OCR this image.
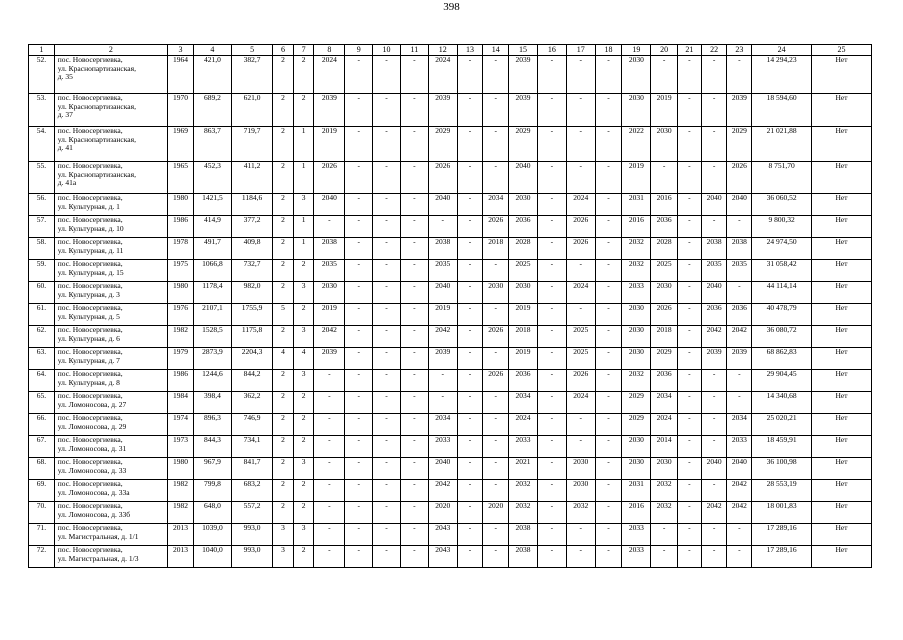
398
1	2	3	4	5	6	7	8	9	10	11	12	13	14	15	16	17	18	19	20	21	22	23	24	25
52.	пос. Новосергиевка,
ул. Краснопартизанская,
д. 35	1964	421,0	382,7	2	2	2024	-	-	-	2024	-	-	2039	-	-	-	2030	-	-	-	-	14 294,23	Нет
53.	пос. Новосергиевка,
ул. Краснопартизанская,
д. 37	1970	689,2	621,0	2	2	2039	-	-	-	2039	-	-	2039	-	-	-	2030	2019	-	-	2039	18 594,60	Нет
54.	пос. Новосергиевка,
ул. Краснопартизанская,
д. 41	1969	863,7	719,7	2	1	2019	-	-	-	2029	-	-	2029	-	-	-	2022	2030	-	-	2029	21 021,88	Нет
55.	пос. Новосергиевка,
ул. Краснопартизанская,
д. 41а	1965	452,3	411,2	2	1	2026	-	-	-	2026	-	-	2040	-	-	-	2019	-	-	-	2026	8 751,70	Нет
56.	пос. Новосергиевка,
ул. Культурная, д. 1	1980	1421,5	1184,6	2	3	2040	-	-	-	2040	-	2034	2030	-	2024	-	2031	2016	-	2040	2040	36 060,52	Нет
57.	пос. Новосергиевка,
ул. Культурная, д. 10	1986	414,9	377,2	2	1	-	-	-	-	-	-	2026	2036	-	2026	-	2016	2036	-	-	-	9 800,32	Нет
58.	пос. Новосергиевка,
ул. Культурная, д. 11	1978	491,7	409,8	2	1	2038	-	-	-	2038	-	2018	2028	-	2026	-	2032	2028	-	2038	2038	24 974,50	Нет
59.	пос. Новосергиевка,
ул. Культурная, д. 15	1975	1066,8	732,7	2	2	2035	-	-	-	2035	-	-	2025	-	-	-	2032	2025	-	2035	2035	31 058,42	Нет
60.	пос. Новосергиевка,
ул. Культурная, д. 3	1980	1178,4	982,0	2	3	2030	-	-	-	2040	-	2030	2030	-	2024	-	2033	2030	-	2040	-	44 114,14	Нет
61.	пос. Новосергиевка,
ул. Культурная, д. 5	1976	2107,1	1755,9	5	2	2019	-	-	-	2019	-	-	2019	-	-	-	2030	2026	-	2036	2036	40 478,79	Нет
62.	пос. Новосергиевка,
ул. Культурная, д. 6	1982	1528,5	1175,8	2	3	2042	-	-	-	2042	-	2026	2018	-	2025	-	2030	2018	-	2042	2042	36 080,72	Нет
63.	пос. Новосергиевка,
ул. Культурная, д. 7	1979	2873,9	2204,3	4	4	2039	-	-	-	2039	-	-	2019	-	2025	-	2030	2029	-	2039	2039	68 862,83	Нет
64.	пос. Новосергиевка,
ул. Культурная, д. 8	1986	1244,6	844,2	2	3	-	-	-	-	-	-	2026	2036	-	2026	-	2032	2036	-	-	-	29 904,45	Нет
65.	пос. Новосергиевка,
ул. Ломоносова, д. 27	1984	398,4	362,2	2	2	-	-	-	-	-	-	-	2034	-	2024	-	2029	2034	-	-	-	14 340,68	Нет
66.	пос. Новосергиевка,
ул. Ломоносова, д. 29	1974	896,3	746,9	2	2	-	-	-	-	2034	-	-	2024	-	-	-	2029	2024	-	-	2034	25 020,21	Нет
67.	пос. Новосергиевка,
ул. Ломоносова, д. 31	1973	844,3	734,1	2	2	-	-	-	-	2033	-	-	2033	-	-	-	2030	2014	-	-	2033	18 459,91	Нет
68.	пос. Новосергиевка,
ул. Ломоносова, д. 33	1980	967,9	841,7	2	3	-	-	-	-	2040	-	-	2021	-	2030	-	2030	2030	-	2040	2040	36 100,98	Нет
69.	пос. Новосергиевка,
ул. Ломоносова, д. 33а	1982	799,8	683,2	2	2	-	-	-	-	2042	-	-	2032	-	2030	-	2031	2032	-	-	2042	28 553,19	Нет
70.	пос. Новосергиевка,
ул. Ломоносова, д. 33б	1982	648,0	557,2	2	2	-	-	-	-	2020	-	2020	2032	-	2032	-	2016	2032	-	2042	2042	18 001,83	Нет
71.	пос. Новосергиевка,
ул. Магистральная, д. 1/1	2013	1039,0	993,0	3	3	-	-	-	-	2043	-	-	2038	-	-	-	2033	-	-	-	-	17 289,16	Нет
72.	пос. Новосергиевка,
ул. Магистральная, д. 1/3	2013	1040,0	993,0	3	2	-	-	-	-	2043	-	-	2038	-	-	-	2033	-	-	-	-	17 289,16	Нет
